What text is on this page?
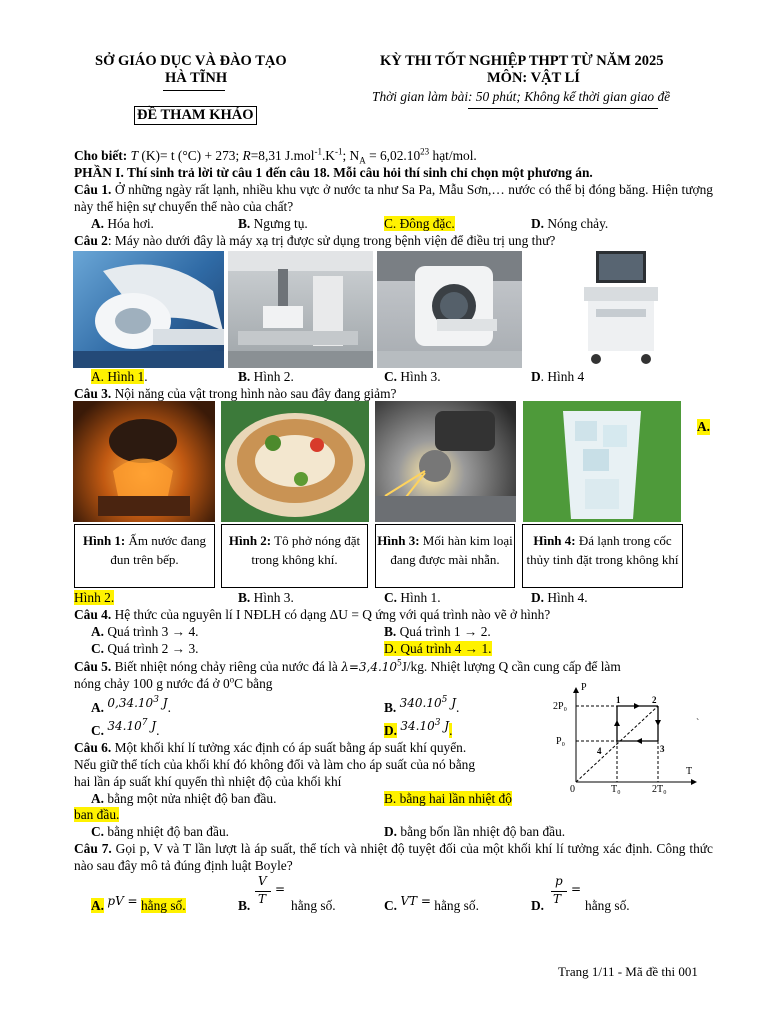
SỞ GIÁO DỤC VÀ ĐÀO TẠO
HÀ TĨNH
ĐỀ THAM KHẢO
KỲ THI TỐT NGHIỆP THPT TỪ NĂM 2025
MÔN: VẬT LÍ
Thời gian làm bài: 50 phút; Không kể thời gian giao đề
Cho biết: T (K)= t (°C) + 273; R=8,31 $J.mol^{-1}.K^{-1}$; $N_A = 6,02.10^{23}$ hạt/mol.
PHẦN I. Thí sinh trả lời từ câu 1 đến câu 18. Mỗi câu hỏi thí sinh chỉ chọn một phương án.
Câu 1. Ở những ngày rất lạnh, nhiều khu vực ở nước ta như Sa Pa, Mẫu Sơn,… nước có thể bị đóng băng. Hiện tượng này thể hiện sự chuyển thể nào của chất?
A. Hóa hơi.	B. Ngưng tụ.	C. Đông đặc.	D. Nóng chảy.
Câu 2: Máy nào dưới đây là máy xạ trị được sử dụng trong bệnh viện để điều trị ung thư?
A. Hình 1.	B. Hình 2.	C. Hình 3.	D. Hình 4
Câu 3. Nội năng của vật trong hình nào sau đây đang giảm?
A.
Hình 1: Ấm nước đang đun trên bếp.
Hình 2: Tô phở nóng đặt trong không khí.
Hình 3: Mối hàn kim loại đang được mài nhẵn.
Hình 4: Đá lạnh trong cốc thủy tinh đặt trong không khí
Hình 2.	B. Hình 3.	C. Hình 1.	D. Hình 4.
Câu 4. Hệ thức của nguyên lí I NĐLH có dạng ΔU = Q ứng với quá trình nào vẽ ở hình?
A. Quá trình 3 → 4.	B. Quá trình 1 → 2.
C. Quá trình 2 → 3.	D. Quá trình 4 → 1.
Câu 5. Biết nhiệt nóng chảy riêng của nước đá là $\lambda=3,4.10^5J/kg$. Nhiệt lượng Q cần cung cấp để làm
nóng chảy 100 g nước đá ở 0$^o$C bằng
A. 0,34.10$^3$ J.	B. 340.10$^5$ J.
C. 34.10$^7$ J.	D. 34.10$^3$ J.
P
T
0
2P₀
P₀
T₀	2T₀
1	2
3
4
`
Câu 6. Một khối khí lí tưởng xác định có áp suất bằng áp suất khí quyển.
Nếu giữ thể tích của khối khí đó không đổi và làm cho áp suất của nó bằng
hai lần áp suất khí quyển thì nhiệt độ của khối khí
A. bằng một nửa nhiệt độ ban đầu.	B. bằng hai lần nhiệt độ
ban đầu.
C. bằng nhiệt độ ban đầu.	D. bằng bốn lần nhiệt độ ban đầu.
Câu 7. Gọi p, V và T lần lượt là áp suất, thể tích và nhiệt độ tuyệt đối của một khối khí lí tưởng xác định. Công thức nào sau đây mô tả đúng định luật Boyle?
A. pV = hằng số.	B.
V
T
=
hằng số.	C. VT = hằng số.	D.
p
T
=
hằng số.
Trang 1/11 - Mã đề thi 001
